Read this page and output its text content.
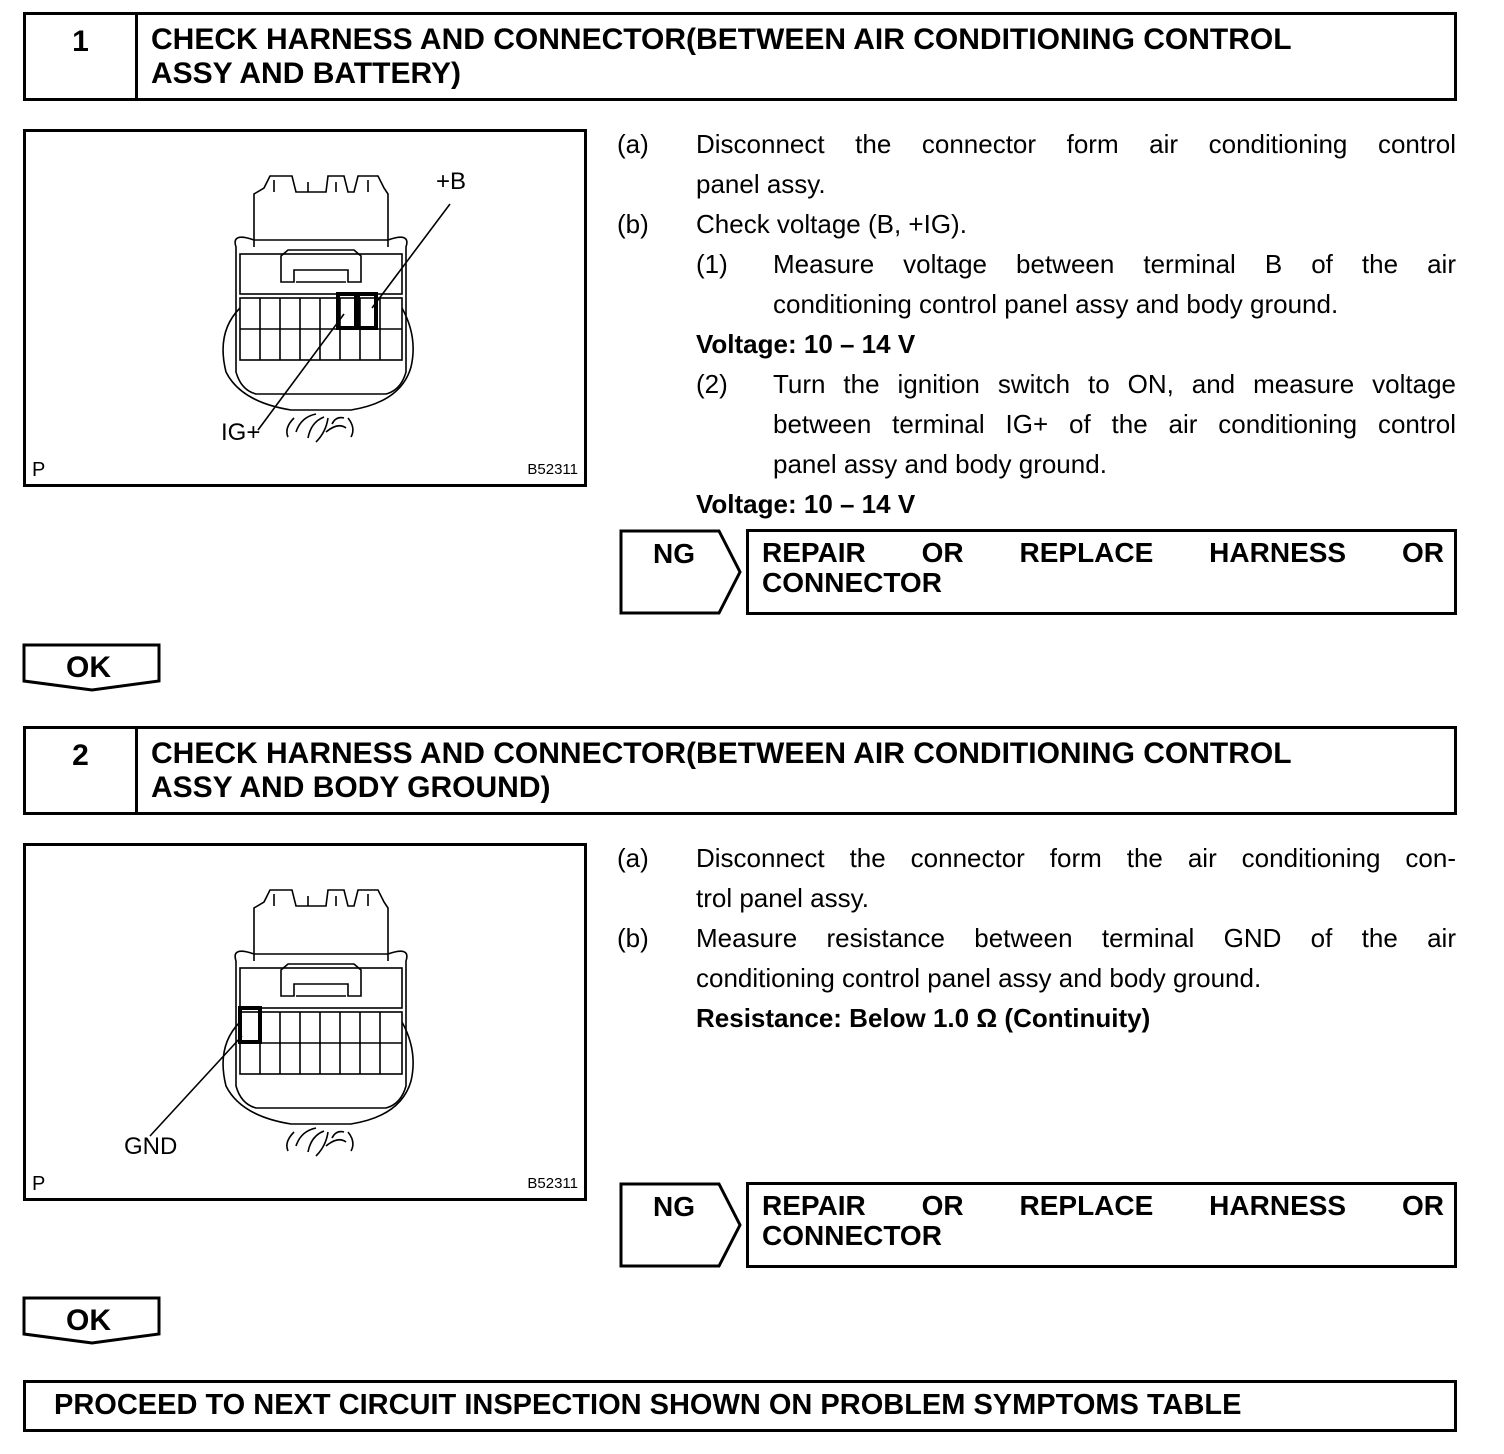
1	CHECK HARNESS AND CONNECTOR(BETWEEN AIR CONDITIONING CONTROL
ASSY AND BATTERY)
+B
IG+
P	B52311
(a) Disconnect the connector form air conditioning control
panel assy.
(b) Check voltage (B, +IG).
(1) Measure voltage between terminal B of the air
conditioning control panel assy and body ground.
Voltage: 10 – 14 V
(2) Turn the ignition switch to ON, and measure voltage
between terminal IG+ of the air conditioning control
panel assy and body ground.
Voltage: 10 – 14 V
NG REPAIR OR REPLACE HARNESS OR
CONNECTOR
OK
2	CHECK HARNESS AND CONNECTOR(BETWEEN AIR CONDITIONING CONTROL
ASSY AND BODY GROUND)
GND
P	B52311
(a) Disconnect the connector form the air conditioning con-
trol panel assy.
(b) Measure resistance between terminal GND of the air
conditioning control panel assy and body ground.
Resistance: Below 1.0 Ω (Continuity)
NG REPAIR OR REPLACE HARNESS OR
CONNECTOR
OK
PROCEED TO NEXT CIRCUIT INSPECTION SHOWN ON PROBLEM SYMPTOMS TABLE
